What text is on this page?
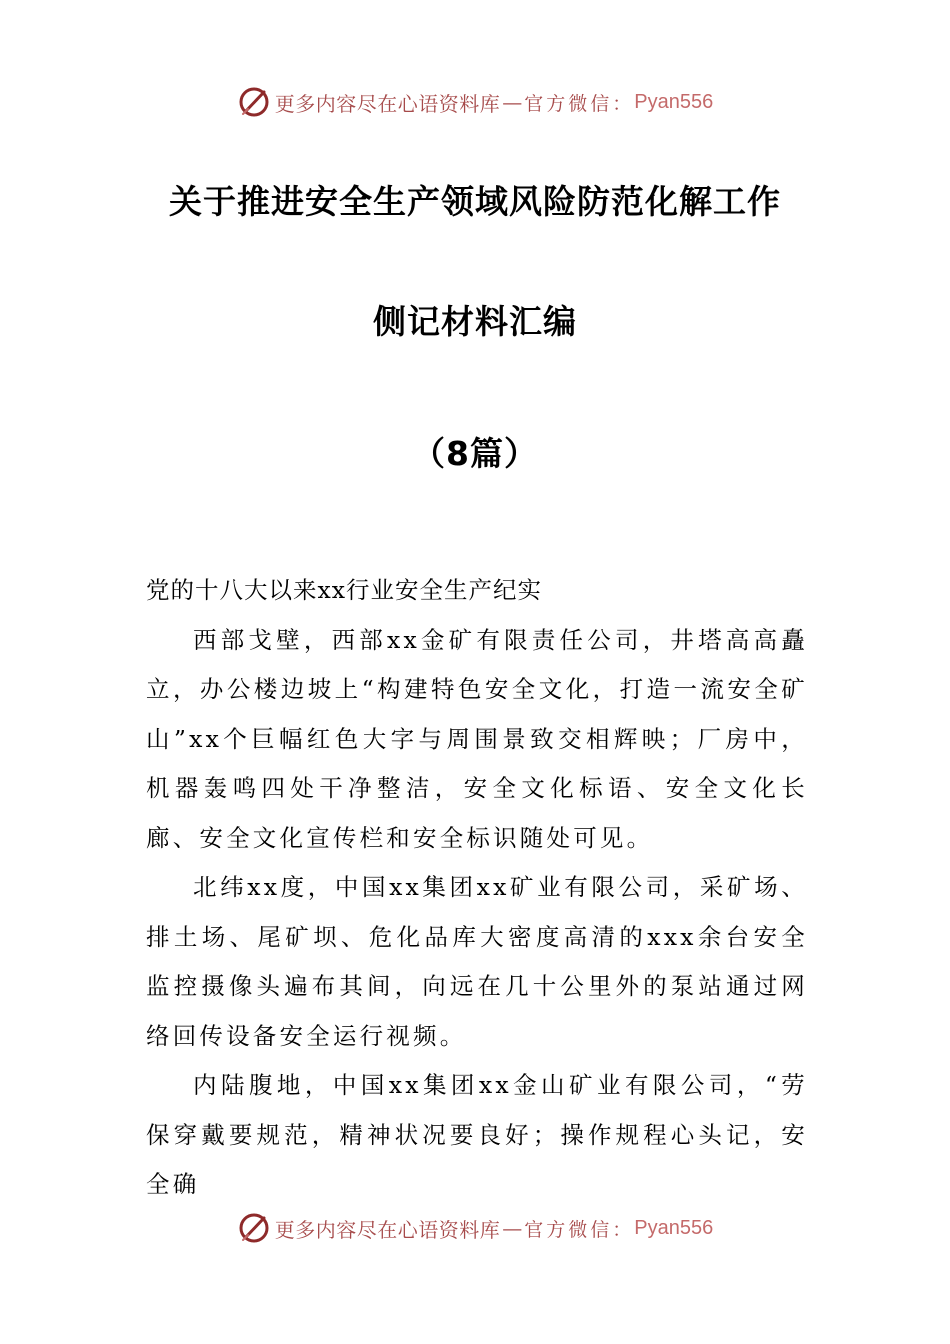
更多内容尽在心语资料库 — 官方微信： Pyan556
关于推进安全生产领域风险防范化解工作
侧记材料汇编
（8篇）

党的十八大以来xx行业安全生产纪实

西部戈壁，西部xx金矿有限责任公司，井塔高高矗立，办公楼边坡上“构建特色安全文化，打造一流安全矿山”xx个巨幅红色大字与周围景致交相辉映；厂房中，机器轰鸣四处干净整洁，安全文化标语、安全文化长廊、安全文化宣传栏和安全标识随处可见。

北纬xx度，中国xx集团xx矿业有限公司，采矿场、排土场、尾矿坝、危化品库大密度高清的xxx余台安全监控摄像头遍布其间，向远在几十公里外的泵站通过网络回传设备安全运行视频。

内陆腹地，中国xx集团xx金山矿业有限公司，“劳保穿戴要规范，精神状况要良好；操作规程心头记，安全确

更多内容尽在心语资料库 — 官方微信： Pyan556
